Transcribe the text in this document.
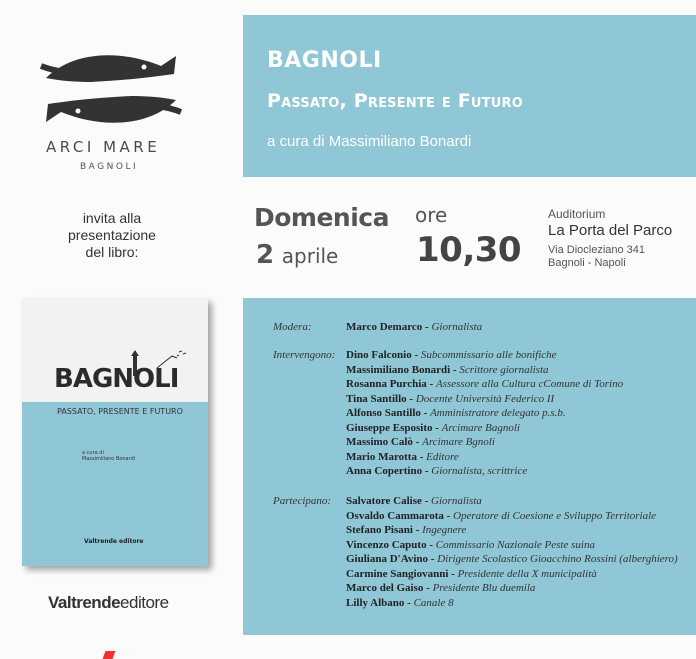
BAGNOLI
Passato, Presente e Futuro
a cura di Massimiliano Bonardi
ARCI MARE
BAGNOLI
invita alla
presentazione
del libro:
Domenica
2 aprile
ore
10,30
Auditorium
La Porta del Parco
Via Diocleziano 341
Bagnoli - Napoli
BAGNOLI
PASSATO, PRESENTE E FUTURO
a cura di
Massimiliano Bonardi
Valtrende editore
Valtrendeeditore
Modera:	Marco Demarco - Giornalista
Intervengono: Dino Falconio - Subcommissario alle bonifiche
Massimiliano Bonardi - Scrittore giornalista
Rosanna Purchia - Assessore alla Cultura cComune di Torino
Tina Santillo - Docente Università Federico II
Alfonso Santillo - Amministratore delegato p.s.b.
Giuseppe Esposito - Arcimare Bagnoli
Massimo Calò - Arcimare Bgnoli
Mario Marotta - Editore
Anna Copertino - Giornalista, scrittrice
Partecipano: Salvatore Calise - Giornalista
Osvaldo Cammarota - Operatore di Coesione e Sviluppo Territoriale
Stefano Pisani - Ingegnere
Vincenzo Caputo - Commissario Nazionale Peste suina
Giuliana D'Avino - Dirigente Scolastico Gioacchino Rossini (alberghiero)
Carmine Sangiovanni - Presidente della X municipalità
Marco del Gaiso - Presidente Blu duemila
Lilly Albano - Canale 8
